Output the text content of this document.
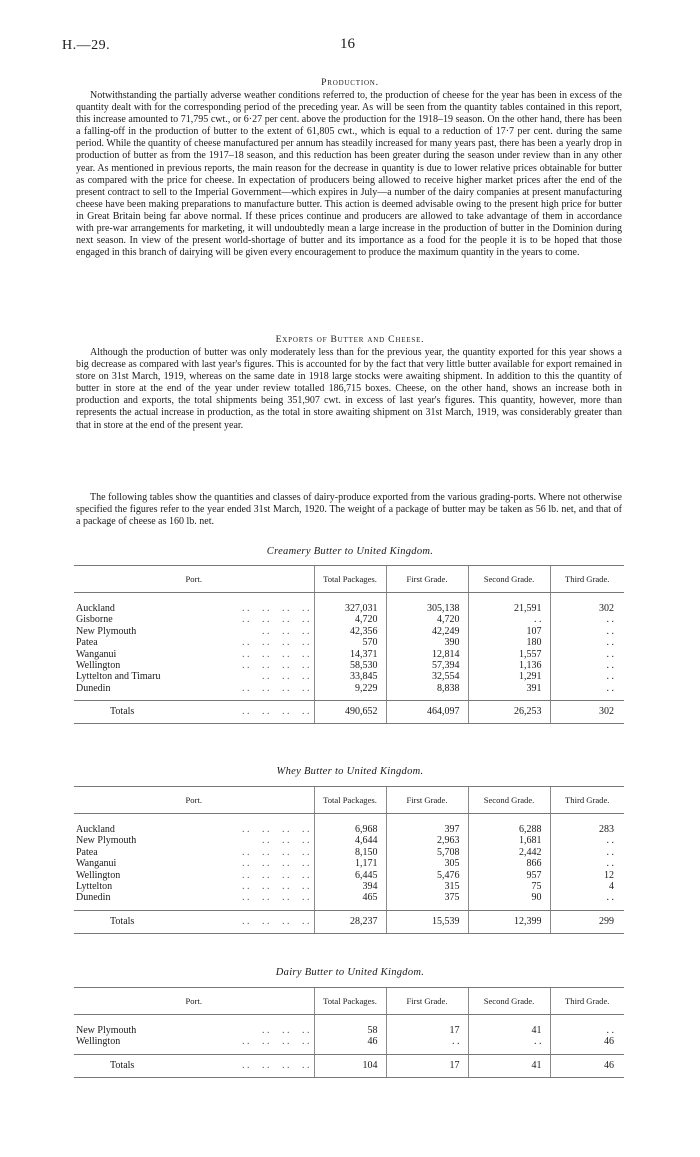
H.—29.	16
Production.

Notwithstanding the partially adverse weather conditions referred to, the production of cheese for the year has been in excess of the quantity dealt with for the corresponding period of the preceding year. As will be seen from the quantity tables contained in this report, this increase amounted to 71,795 cwt., or 6·27 per cent. above the production for the 1918–19 season. On the other hand, there has been a falling-off in the production of butter to the extent of 61,805 cwt., which is equal to a reduction of 17·7 per cent. during the same period. While the quantity of cheese manufactured per annum has steadily increased for many years past, there has been a yearly drop in production of butter as from the 1917–18 season, and this reduction has been greater during the season under review than in any other year. As mentioned in previous reports, the main reason for the decrease in quantity is due to lower relative prices obtainable for butter as compared with the price for cheese. In expectation of producers being allowed to receive higher market prices after the end of the present contract to sell to the Imperial Government—which expires in July—a number of the dairy companies at present manufacturing cheese have been making preparations to manufacture butter. This action is deemed advisable owing to the present high price for butter in Great Britain being far above normal. If these prices continue and producers are allowed to take advantage of them in accordance with pre-war arrangements for marketing, it will undoubtedly mean a large increase in the production of butter in the Dominion during next season. In view of the present world-shortage of butter and its importance as a food for the people it is to be hoped that those engaged in this branch of dairying will be given every encouragement to produce the maximum quantity in the years to come.

Exports of Butter and Cheese.

Although the production of butter was only moderately less than for the previous year, the quantity exported for this year shows a big decrease as compared with last year's figures. This is accounted for by the fact that very little butter available for export remained in store on 31st March, 1919, whereas on the same date in 1918 large stocks were awaiting shipment. In addition to this the quantity of butter in store at the end of the year under review totalled 186,715 boxes. Cheese, on the other hand, shows an increase both in production and exports, the total shipments being 351,907 cwt. in excess of last year's figures. This quantity, however, more than represents the actual increase in production, as the total in store awaiting shipment on 31st March, 1919, was considerably greater than that in store at the end of the present year.

The following tables show the quantities and classes of dairy-produce exported from the various grading-ports. Where not otherwise specified the figures refer to the year ended 31st March, 1920. The weight of a package of butter may be taken as 56 lb. net, and that of a package of cheese as 160 lb. net.

Creamery Butter to United Kingdom.
Port.	Total Packages.	First Grade.	Second Grade.	Third Grade.

Auckland . .     . .     . .     . .	327,031	305,138	21,591	302
Gisborne . .     . .     . .     . .	4,720	4,720	. .	. .
New Plymouth . .     . .     . .	42,356	42,249	107	. .
Patea . .     . .     . .     . .	570	390	180	. .
Wanganui . .     . .     . .     . .	14,371	12,814	1,557	. .
Wellington . .     . .     . .     . .	58,530	57,394	1,136	. .
Lyttelton and Timaru . .     . .     . .	33,845	32,554	1,291	. .
Dunedin . .     . .     . .     . .	9,229	8,838	391	. .

Totals . .     . .     . .     . .	490,652	464,097	26,253	302
Whey Butter to United Kingdom.
Port.	Total Packages.	First Grade.	Second Grade.	Third Grade.

Auckland . .     . .     . .     . .	6,968	397	6,288	283
New Plymouth . .     . .     . .	4,644	2,963	1,681	. .
Patea . .     . .     . .     . .	8,150	5,708	2,442	. .
Wanganui . .     . .     . .     . .	1,171	305	866	. .
Wellington . .     . .     . .     . .	6,445	5,476	957	12
Lyttelton . .     . .     . .     . .	394	315	75	4
Dunedin . .     . .     . .     . .	465	375	90	. .

Totals . .     . .     . .     . .	28,237	15,539	12,399	299
Dairy Butter to United Kingdom.
Port.	Total Packages.	First Grade.	Second Grade.	Third Grade.

New Plymouth . .     . .     . .	58	17	41	. .
Wellington . .     . .     . .     . .	46	. .	. .	46

Totals . .     . .     . .     . .	104	17	41	46
